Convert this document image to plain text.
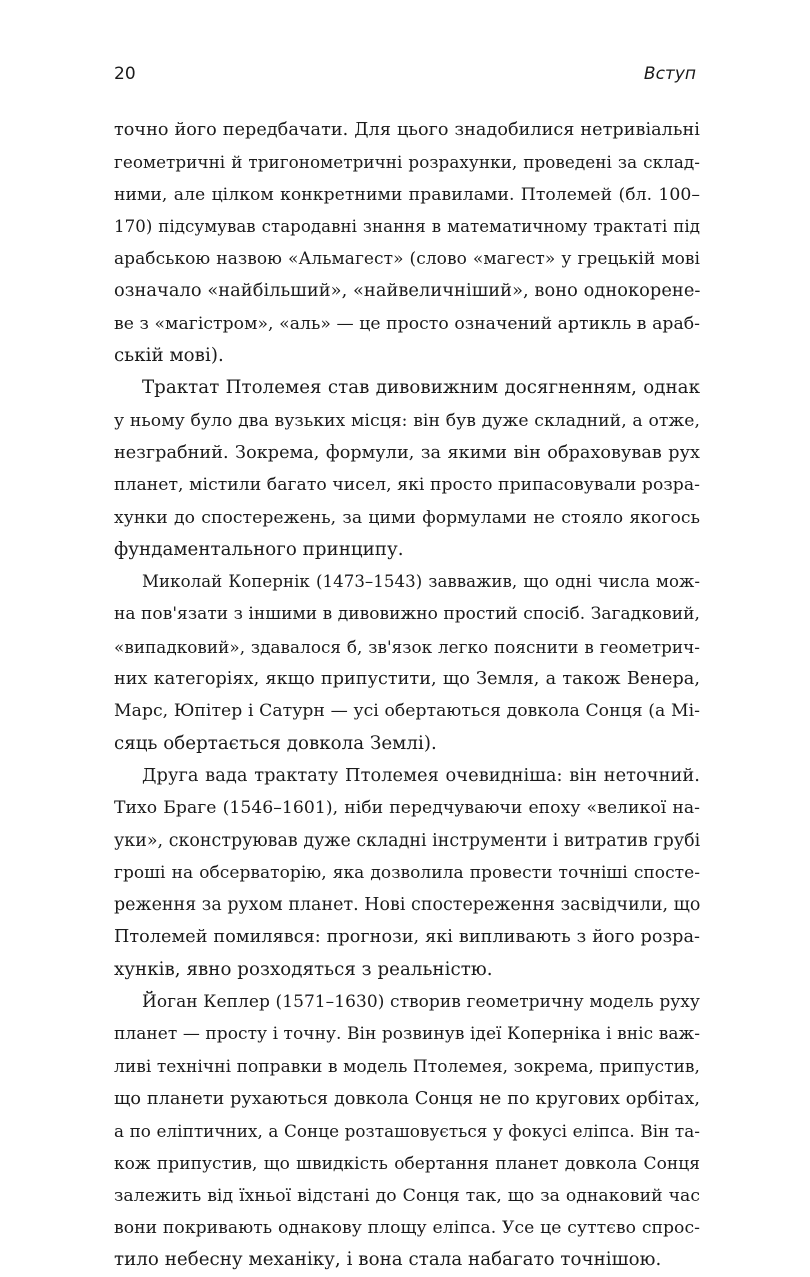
20	Вступ
точно його передбачати. Для цього знадобилися нетривіальні
геометричні й тригонометричні розрахунки, проведені за склад-
ними, але цілком конкретними правилами. Птолемей (бл. 100–
170) підсумував стародавні знання в математичному трактаті під
арабською назвою «Альмагест» (слово «магест» у грецькій мові
означало «найбільший», «найвеличніший», воно однокорене-
ве з «магістром», «аль» — це просто означений артикль в араб-
ській мові).
Трактат Птолемея став дивовижним досягненням, однак
у ньому було два вузьких місця: він був дуже складний, а отже,
незграбний. Зокрема, формули, за якими він обраховував рух
планет, містили багато чисел, які просто припасовували розра-
хунки до спостережень, за цими формулами не стояло якогось
фундаментального принципу.
Миколай Копернік (1473–1543) завважив, що одні числа мож-
на пов'язати з іншими в дивовижно простий спосіб. Загадковий,
«випадковий», здавалося б, зв'язок легко пояснити в геометрич-
них категоріях, якщо припустити, що Земля, а також Венера,
Марс, Юпітер і Сатурн — усі обертаються довкола Сонця (а Мі-
сяць обертається довкола Землі).
Друга вада трактату Птолемея очевидніша: він неточний.
Тихо Браге (1546–1601), ніби передчуваючи епоху «великої на-
уки», сконструював дуже складні інструменти і витратив грубі
гроші на обсерваторію, яка дозволила провести точніші спосте-
реження за рухом планет. Нові спостереження засвідчили, що
Птолемей помилявся: прогнози, які випливають з його розра-
хунків, явно розходяться з реальністю.
Йоган Кеплер (1571–1630) створив геометричну модель руху
планет — просту і точну. Він розвинув ідеї Коперніка і вніс важ-
ливі технічні поправки в модель Птолемея, зокрема, припустив,
що планети рухаються довкола Сонця не по кругових орбітах,
а по еліптичних, а Сонце розташовується у фокусі еліпса. Він та-
кож припустив, що швидкість обертання планет довкола Сонця
залежить від їхньої відстані до Сонця так, що за однаковий час
вони покривають однакову площу еліпса. Усе це суттєво спрос-
тило небесну механіку, і вона стала набагато точнішою.
